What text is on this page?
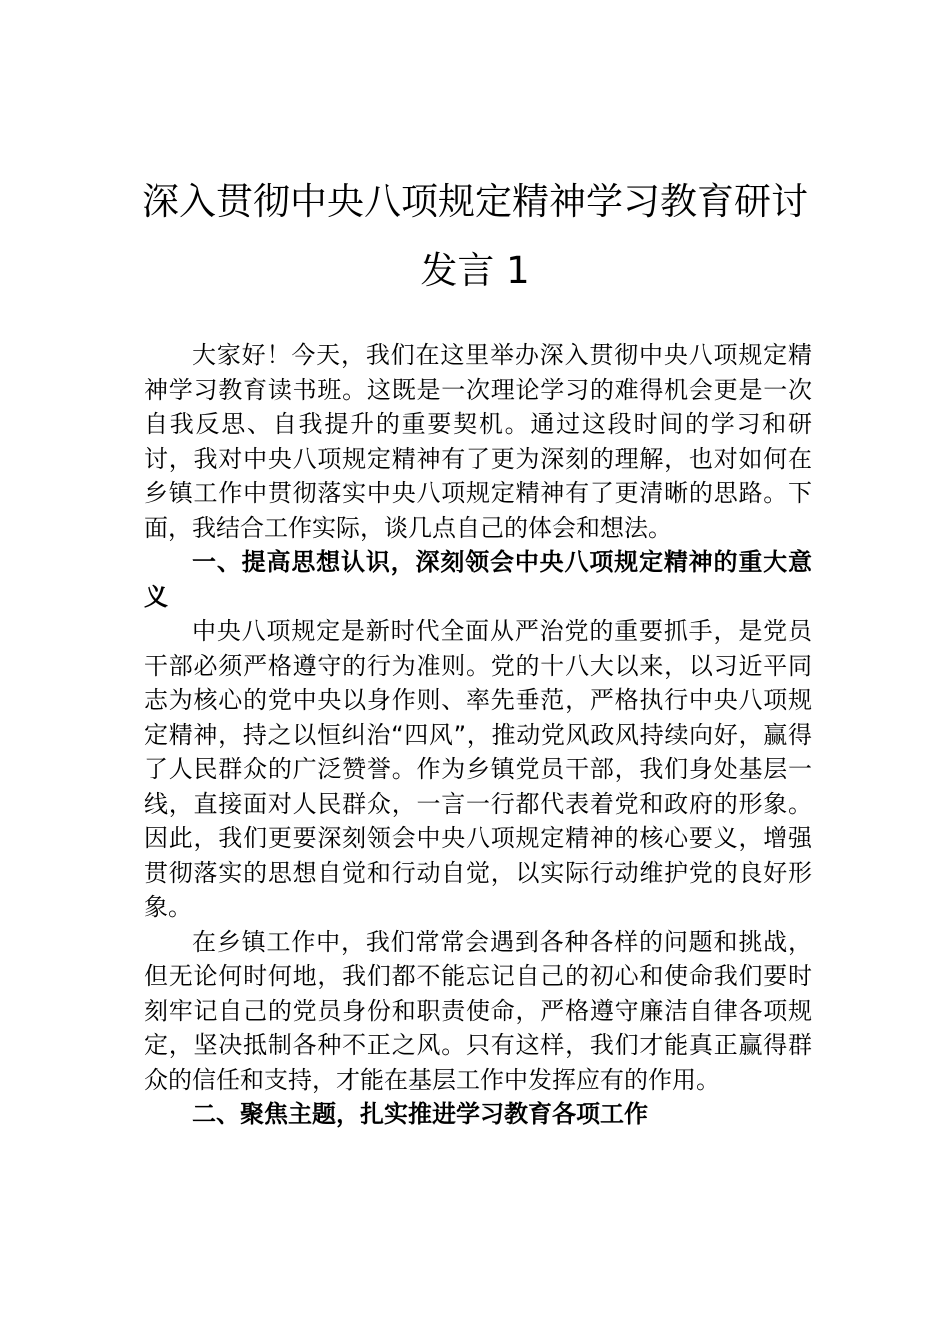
深入贯彻中央八项规定精神学习教育研讨
发言 1

大家好！今天，我们在这里举办深入贯彻中央八项规定精神学习教育读书班。这既是一次理论学习的难得机会更是一次自我反思、自我提升的重要契机。通过这段时间的学习和研讨，我对中央八项规定精神有了更为深刻的理解，也对如何在乡镇工作中贯彻落实中央八项规定精神有了更清晰的思路。下面，我结合工作实际，谈几点自己的体会和想法。

一、提高思想认识，深刻领会中央八项规定精神的重大意义

中央八项规定是新时代全面从严治党的重要抓手，是党员干部必须严格遵守的行为准则。党的十八大以来，以习近平同志为核心的党中央以身作则、率先垂范，严格执行中央八项规定精神，持之以恒纠治“四风”，推动党风政风持续向好，赢得了人民群众的广泛赞誉。作为乡镇党员干部，我们身处基层一线，直接面对人民群众，一言一行都代表着党和政府的形象。因此，我们更要深刻领会中央八项规定精神的核心要义，增强贯彻落实的思想自觉和行动自觉，以实际行动维护党的良好形象。

在乡镇工作中，我们常常会遇到各种各样的问题和挑战，但无论何时何地，我们都不能忘记自己的初心和使命我们要时刻牢记自己的党员身份和职责使命，严格遵守廉洁自律各项规定，坚决抵制各种不正之风。只有这样，我们才能真正赢得群众的信任和支持，才能在基层工作中发挥应有的作用。

二、聚焦主题，扎实推进学习教育各项工作
